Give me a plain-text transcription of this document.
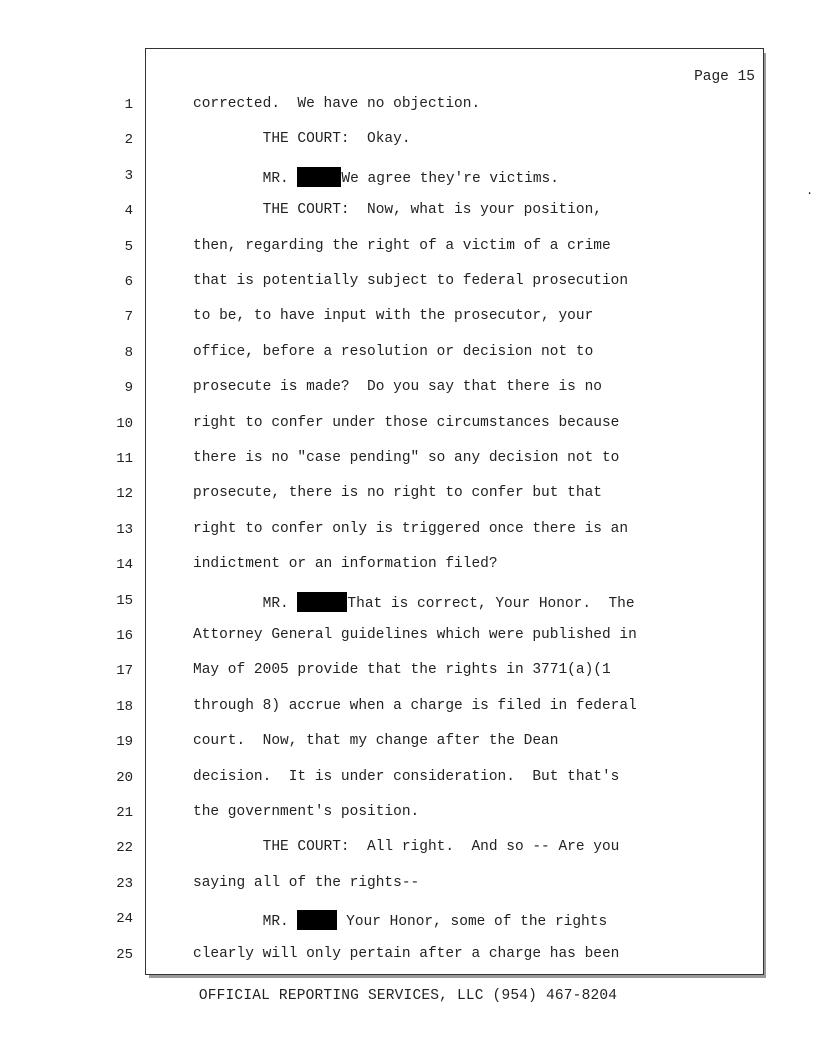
Page 15
1	corrected.  We have no objection.
2	THE COURT:  Okay.
3	MR.	We agree they're victims.
4	THE COURT:  Now, what is your position,
5	then, regarding the right of a victim of a crime
6	that is potentially subject to federal prosecution
7	to be, to have input with the prosecutor, your
8	office, before a resolution or decision not to
9	prosecute is made?  Do you say that there is no
10	right to confer under those circumstances because
11	there is no "case pending" so any decision not to
12	prosecute, there is no right to confer but that
13	right to confer only is triggered once there is an
14	indictment or an information filed?
15	MR.	That is correct, Your Honor.  The
16	Attorney General guidelines which were published in
17	May of 2005 provide that the rights in 3771(a)(1
18	through 8) accrue when a charge is filed in federal
19	court.  Now, that my change after the Dean
20	decision.  It is under consideration.  But that's
21	the government's position.
22	THE COURT:  All right.  And so -- Are you
23	saying all of the rights--
24	MR.	Your Honor, some of the rights
25	clearly will only pertain after a charge has been
OFFICIAL REPORTING SERVICES, LLC (954) 467-8204
.
